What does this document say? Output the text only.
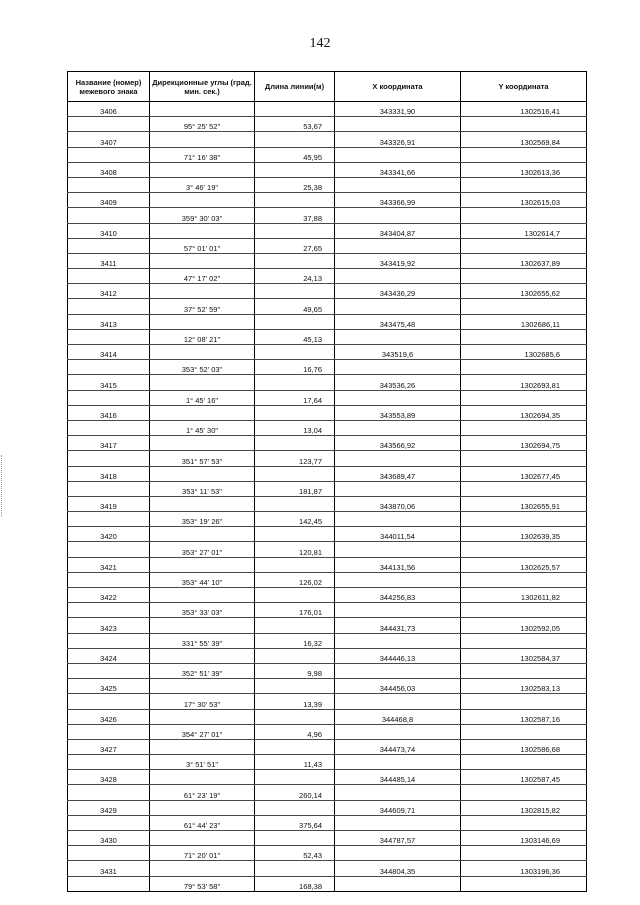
142
Название (номер) межевого знака	Дирекционные углы (град. мин. сек.)	Длина линии(м)	X координата	Y координата
3406			343331,90	1302516,41
	95° 25' 52"	53,67		
3407			343326,91	1302569,84
	71° 16' 38"	45,95		
3408			343341,66	1302613,36
	3° 46' 19"	25,38		
3409			343366,99	1302615,03
	359° 30' 03"	37,88		
3410			343404,87	1302614,7
	57° 01' 01"	27,65		
3411			343419,92	1302637,89
	47° 17' 02"	24,13		
3412			343436,29	1302655,62
	37° 52' 59"	49,65		
3413			343475,48	1302686,11
	12° 08' 21"	45,13		
3414			343519,6	1302685,6
	353° 52' 03"	16,76		
3415			343536,26	1302693,81
	1° 45' 16"	17,64		
3416			343553,89	1302694,35
	1° 45' 30"	13,04		
3417			343566,92	1302694,75
	351° 57' 53"	123,77		
3418			343689,47	1302677,45
	353° 11' 53"	181,87		
3419			343870,06	1302655,91
	353° 19' 26"	142,45		
3420			344011,54	1302639,35
	353° 27' 01"	120,81		
3421			344131,56	1302625,57
	353° 44' 10"	126,02		
3422			344256,83	1302611,82
	353° 33' 03"	176,01		
3423			344431,73	1302592,05
	331° 55' 39"	16,32		
3424			344446,13	1302584,37
	352° 51' 39"	9,98		
3425			344456,03	1302583,13
	17° 30' 53"	13,39		
3426			344468,8	1302587,16
	354° 27' 01"	4,96		
3427			344473,74	1302586,68
	3° 51' 51"	11,43		
3428			344485,14	1302587,45
	61° 23' 19"	260,14		
3429			344609,71	1302815,82
	61° 44' 23"	375,64		
3430			344787,57	1303146,69
	71° 20' 01"	52,43		
3431			344804,35	1303196,36
	79° 53' 58"	168,38		
